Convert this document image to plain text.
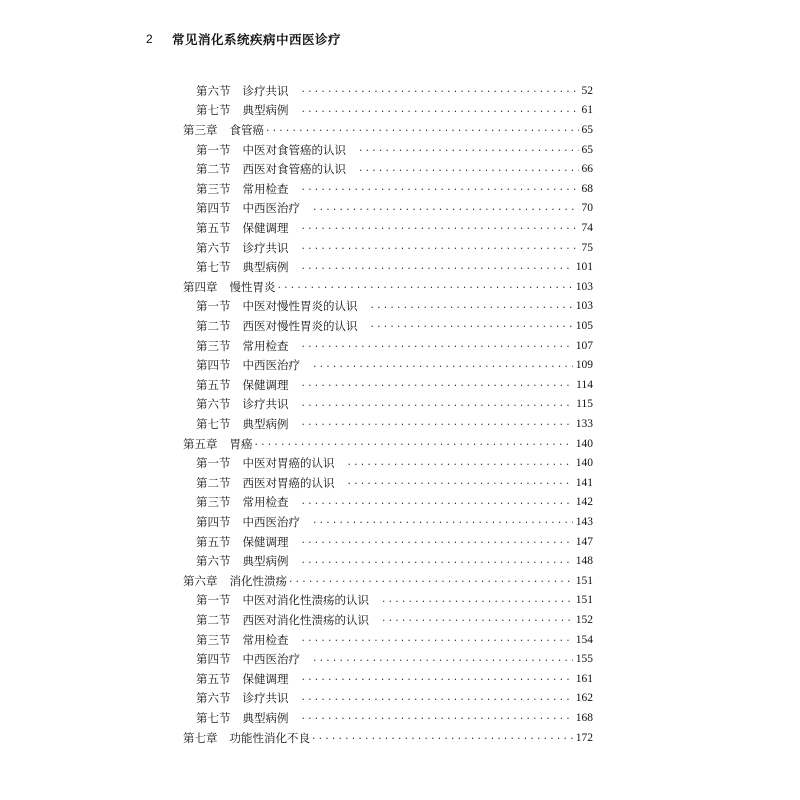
2 常见消化系统疾病中西医诊疗
第六节 诊疗共识 .....	52
第七节 典型病例 .....	61
第三章 食管癌 .....	65
第一节 中医对食管癌的认识 .....	65
第二节 西医对食管癌的认识 .....	66
第三节 常用检查 .....	68
第四节 中西医治疗 .....	70
第五节 保健调理 .....	74
第六节 诊疗共识 .....	75
第七节 典型病例 .....	101
第四章 慢性胃炎 .....	103
第一节 中医对慢性胃炎的认识 .....	103
第二节 西医对慢性胃炎的认识 .....	105
第三节 常用检查 .....	107
第四节 中西医治疗 .....	109
第五节 保健调理 .....	114
第六节 诊疗共识 .....	115
第七节 典型病例 .....	133
第五章 胃癌 .....	140
第一节 中医对胃癌的认识 .....	140
第二节 西医对胃癌的认识 .....	141
第三节 常用检查 .....	142
第四节 中西医治疗 .....	143
第五节 保健调理 .....	147
第六节 典型病例 .....	148
第六章 消化性溃疡 .....	151
第一节 中医对消化性溃疡的认识 .....	151
第二节 西医对消化性溃疡的认识 .....	152
第三节 常用检查 .....	154
第四节 中西医治疗 .....	155
第五节 保健调理 .....	161
第六节 诊疗共识 .....	162
第七节 典型病例 .....	168
第七章 功能性消化不良 .....	172
